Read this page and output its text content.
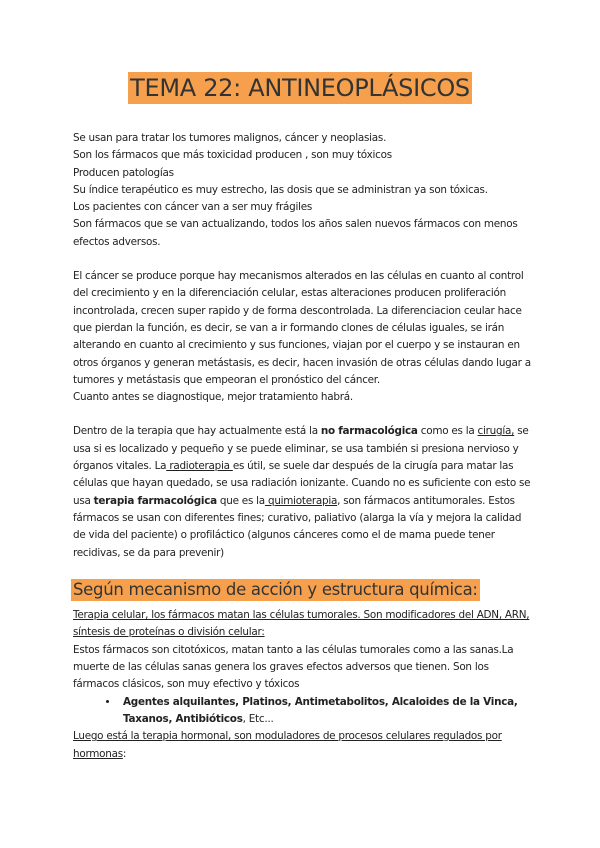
TEMA 22: ANTINEOPLÁSICOS

Se usan para tratar los tumores malignos, cáncer y neoplasias.

Son los fármacos que más toxicidad producen , son muy tóxicos

Producen patologías

Su índice terapéutico es muy estrecho, las dosis que se administran ya son tóxicas.

Los pacientes con cáncer van a ser muy frágiles

Son fármacos que se van actualizando, todos los años salen nuevos fármacos con menos efectos adversos.

El cáncer se produce porque hay mecanismos alterados en las células en cuanto al control del crecimiento y en la diferenciación celular, estas alteraciones producen proliferación incontrolada, crecen super rapido y de forma descontrolada. La diferenciacion ceular hace que pierdan la función, es decir, se van a ir formando clones de células iguales, se irán alterando en cuanto al crecimiento y sus funciones, viajan por el cuerpo y se instauran en otros órganos y generan metástasis, es decir, hacen invasión de otras células dando lugar a tumores y metástasis que empeoran el pronóstico del cáncer.

Cuanto antes se diagnostique, mejor tratamiento habrá.

Dentro de la terapia que hay actualmente está la no farmacológica como es la cirugía, se usa si es localizado y pequeño y se puede eliminar, se usa también si presiona nervioso y órganos vitales. La radioterapia es útil, se suele dar después de la cirugía para matar las células que hayan quedado, se usa radiación ionizante. Cuando no es suficiente con esto se usa terapia farmacológica que es la quimioterapia, son fármacos antitumorales. Estos fármacos se usan con diferentes fines; curativo, paliativo (alarga la vía y mejora la calidad de vida del paciente) o profiláctico (algunos cánceres como el de mama puede tener recidivas, se da para prevenir)

Según mecanismo de acción y estructura química:

Terapia celular, los fármacos matan las células tumorales. Son modificadores del ADN, ARN, síntesis de proteínas o división celular:

Estos fármacos son citotóxicos, matan tanto a las células tumorales como a las sanas.La muerte de las células sanas genera los graves efectos adversos que tienen. Son los fármacos clásicos, son muy efectivo y tóxicos

• Agentes alquilantes, Platinos, Antimetabolitos, Alcaloides de la Vinca, Taxanos, Antibióticos, Etc...

Luego está la terapia hormonal, son moduladores de procesos celulares regulados por hormonas:
